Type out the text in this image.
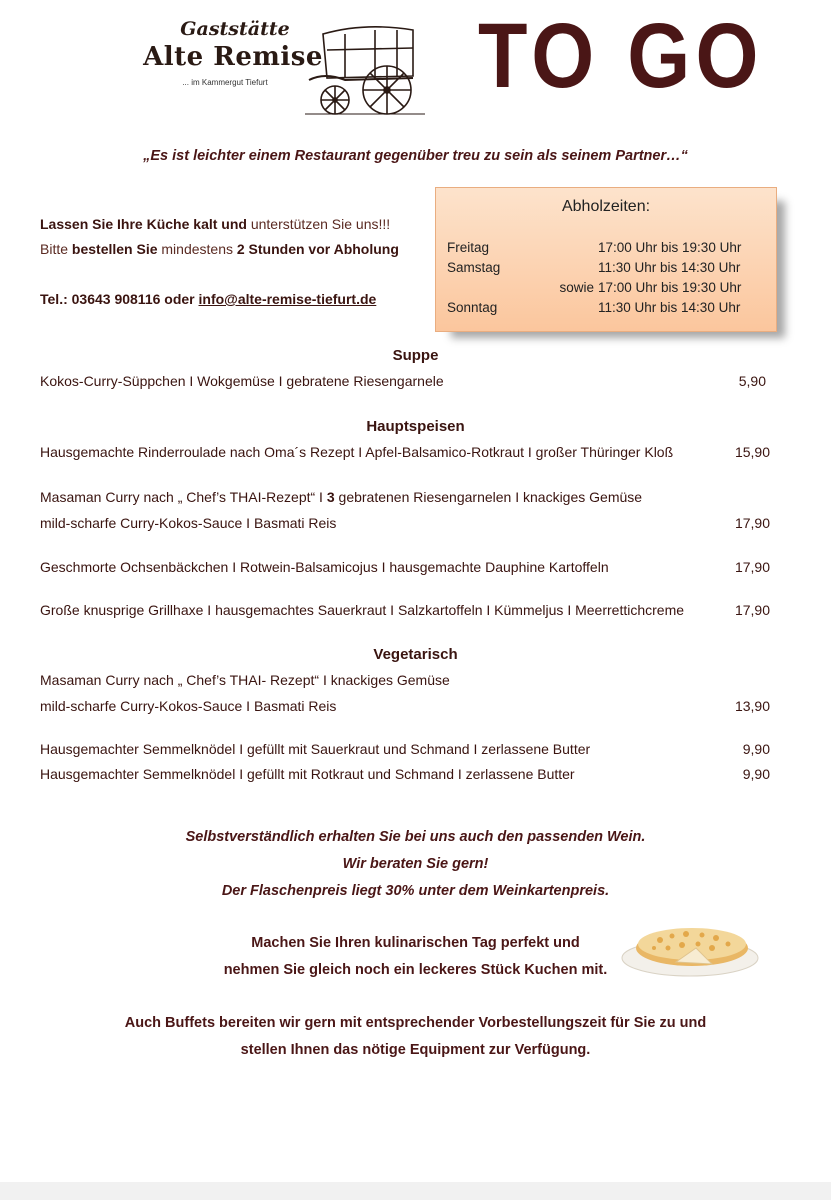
Gaststätte
Alte Remise
... im Kammergut Tiefurt	TO GO
„Es ist leichter einem Restaurant gegenüber treu zu sein als seinem Partner…“
Lassen Sie Ihre Küche kalt und unterstützen Sie uns!!!
Bitte bestellen Sie mindestens 2 Stunden vor Abholung
Tel.: 03643 908116 oder info@alte-remise-tiefurt.de
Abholzeiten:
Freitag	17:00 Uhr bis 19:30 Uhr
Samstag	11:30 Uhr bis 14:30 Uhr
sowie 17:00 Uhr bis 19:30 Uhr
Sonntag	11:30 Uhr bis 14:30 Uhr
Suppe
Kokos-Curry-Süppchen I Wokgemüse I gebratene Riesengarnele	5,90
Hauptspeisen
Hausgemachte Rinderroulade nach Oma´s Rezept I Apfel-Balsamico-Rotkraut I großer Thüringer Kloß	15,90
Masaman Curry nach „ Chef’s THAI-Rezept“ I 3 gebratenen Riesengarnelen I knackiges Gemüse
mild-scharfe Curry-Kokos-Sauce I Basmati Reis	17,90
Geschmorte Ochsenbäckchen I Rotwein-Balsamicojus I hausgemachte Dauphine Kartoffeln	17,90
Große knusprige Grillhaxe I hausgemachtes Sauerkraut I Salzkartoffeln I Kümmeljus I Meerrettichcreme	17,90
Vegetarisch
Masaman Curry nach „ Chef’s THAI- Rezept“ I knackiges Gemüse
mild-scharfe Curry-Kokos-Sauce I Basmati Reis	13,90
Hausgemachter Semmelknödel I gefüllt mit Sauerkraut und Schmand I zerlassene Butter	9,90
Hausgemachter Semmelknödel I gefüllt mit Rotkraut und Schmand I zerlassene Butter	9,90
Selbstverständlich erhalten Sie bei uns auch den passenden Wein.
Wir beraten Sie gern!
Der Flaschenpreis liegt 30% unter dem Weinkartenpreis.
Machen Sie Ihren kulinarischen Tag perfekt und
nehmen Sie gleich noch ein leckeres Stück Kuchen mit.
Auch Buffets bereiten wir gern mit entsprechender Vorbestellungszeit für Sie zu und
stellen Ihnen das nötige Equipment zur Verfügung.
